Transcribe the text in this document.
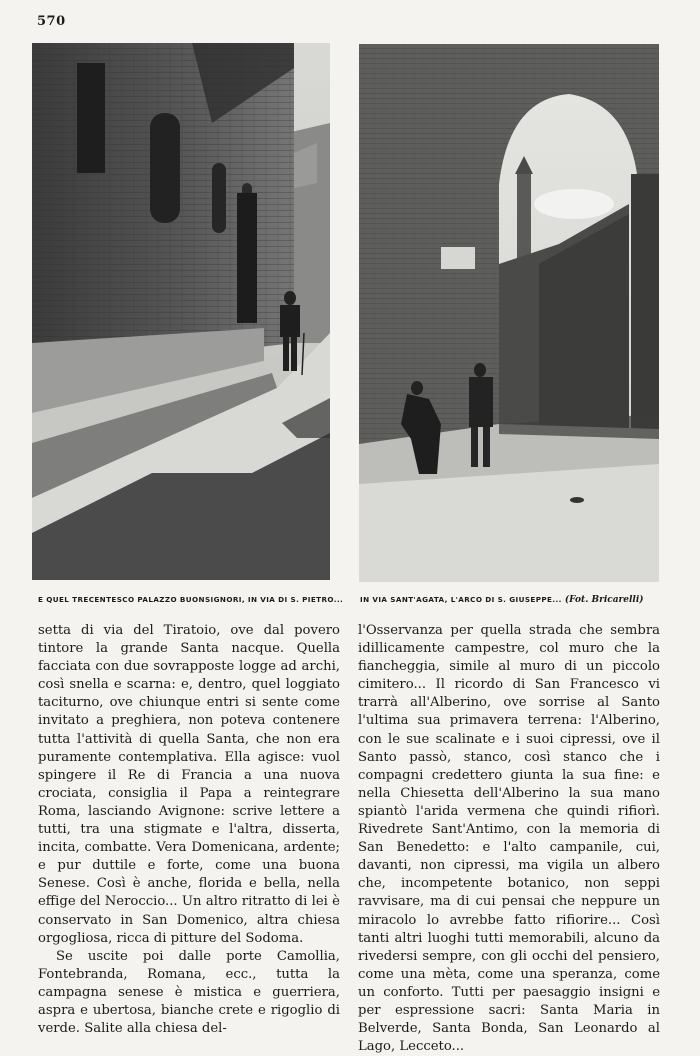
570
E QUEL TRECENTESCO PALAZZO BUONSIGNORI, IN VIA DI S. PIETRO... IN VIA SANT'AGATA, L'ARCO DI S. GIUSEPPE... (Fot. Bricarelli)

setta di via del Tiratoio, ove dal povero tintore la grande Santa nacque. Quella facciata con due sovrapposte logge ad archi, così snella e scarna: e, dentro, quel loggiato taciturno, ove chiunque entri si sente come invitato a preghiera, non poteva contenere tutta l'attività di quella Santa, che non era puramente contemplativa. Ella agisce: vuol spingere il Re di Francia a una nuova crociata, consiglia il Papa a reintegrare Roma, lasciando Avignone: scrive lettere a tutti, tra una stigmate e l'altra, disserta, incita, combatte. Vera Domenicana, ardente; e pur duttile e forte, come una buona Senese. Così è anche, florida e bella, nella effige del Neroccio... Un altro ritratto di lei è conservato in San Domenico, altra chiesa orgogliosa, ricca di pitture del Sodoma.

Se uscite poi dalle porte Camollia, Fontebranda, Romana, ecc., tutta la campagna senese è mistica e guerriera, aspra e ubertosa, bianche crete e rigoglio di verde. Salite alla chiesa del-

l'Osservanza per quella strada che sembra idillicamente campestre, col muro che la fiancheggia, simile al muro di un piccolo cimitero... Il ricordo di San Francesco vi trarrà all'Alberino, ove sorrise al Santo l'ultima sua primavera terrena: l'Alberino, con le sue scalinate e i suoi cipressi, ove il Santo passò, stanco, così stanco che i compagni credettero giunta la sua fine: e nella Chiesetta dell'Alberino la sua mano spiantò l'arida vermena che quindi rifiorì. Rivedrete Sant'Antimo, con la memoria di San Benedetto: e l'alto campanile, cui, davanti, non cipressi, ma vigila un albero che, incompetente botanico, non seppi ravvisare, ma di cui pensai che neppure un miracolo lo avrebbe fatto rifiorire... Così tanti altri luoghi tutti memorabili, alcuno da rivedersi sempre, con gli occhi del pensiero, come una mèta, come una speranza, come un conforto. Tutti per paesaggio insigni e per espressione sacri: Santa Maria in Belverde, Santa Bonda, San Leonardo al Lago, Lecceto...
